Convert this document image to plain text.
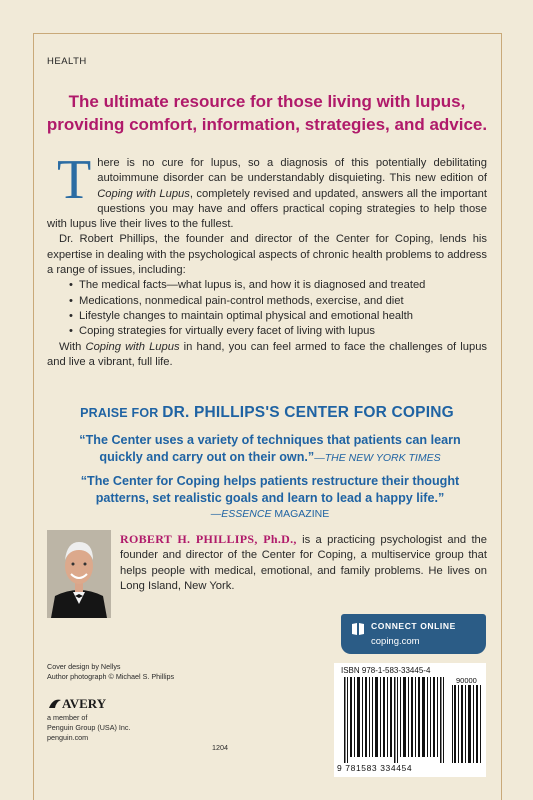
HEALTH
The ultimate resource for those living with lupus,
providing comfort, information, strategies, and advice.

There is no cure for lupus, so a diagnosis of this potentially debilitating autoimmune disorder can be understandably disquieting. This new edition of Coping with Lupus, completely revised and updated, answers all the important questions you may have and offers practical coping strategies to help those with lupus live their lives to the fullest.

Dr. Robert Phillips, the founder and director of the Center for Coping, lends his expertise in dealing with the psychological aspects of chronic health problems to address a range of issues, including:

• The medical facts—what lupus is, and how it is diagnosed and treated
• Medications, nonmedical pain-control methods, exercise, and diet
• Lifestyle changes to maintain optimal physical and emotional health
• Coping strategies for virtually every facet of living with lupus

With Coping with Lupus in hand, you can feel armed to face the challenges of lupus and live a vibrant, full life.

PRAISE FOR DR. PHILLIPS'S CENTER FOR COPING
“The Center uses a variety of techniques that patients can learn quickly and carry out on their own.”—THE NEW YORK TIMES
“The Center for Coping helps patients restructure their thought patterns, set realistic goals and learn to lead a happy life.”
—ESSENCE MAGAZINE
ROBERT H. PHILLIPS, Ph.D., is a practicing psychologist and the founder and director of the Center for Coping, a multiservice group that helps people with medical, emotional, and family problems. He lives on Long Island, New York.
CONNECT ONLINE
coping.com
Cover design by Nellys
Author photograph © Michael S. Phillips
AVERY
a member of
Penguin Group (USA) Inc.
penguin.com
1204
ISBN 978-1-583-33445-4
90000
9 781583 334454
